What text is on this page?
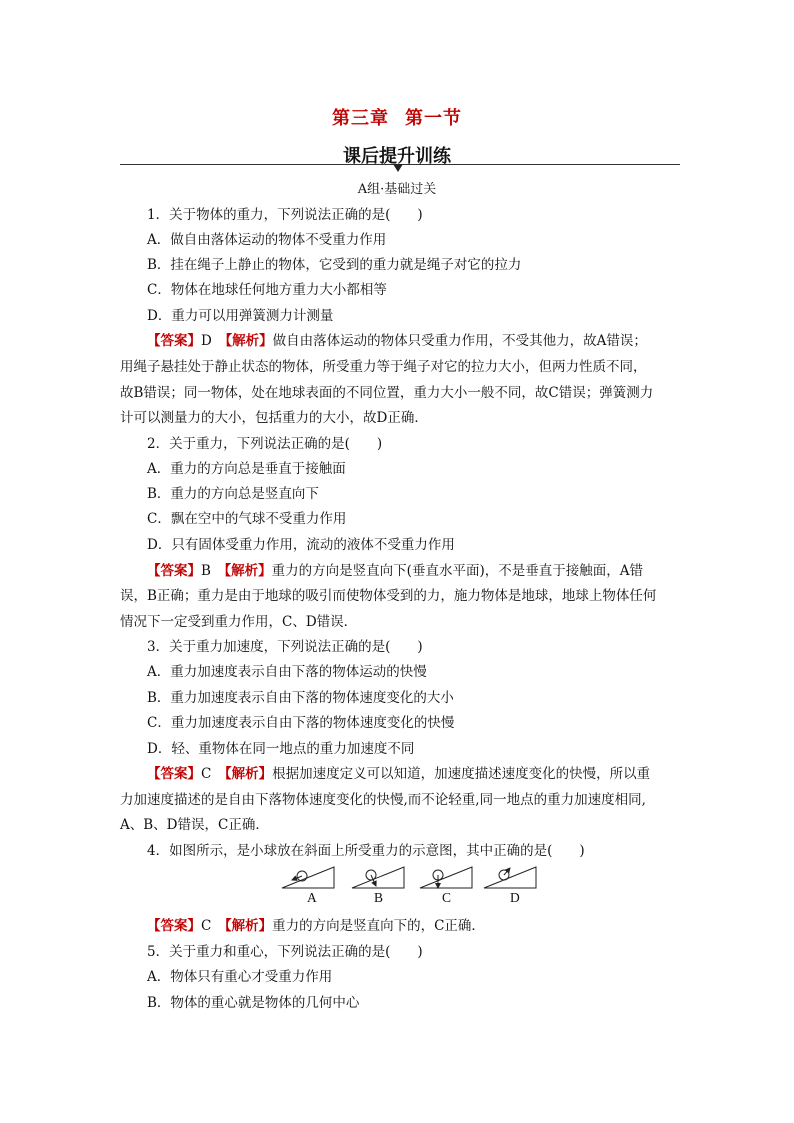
第三章 第一节
课后提升训练
A组·基础过关
1．关于物体的重力，下列说法正确的是(　　)
A．做自由落体运动的物体不受重力作用
B．挂在绳子上静止的物体，它受到的重力就是绳子对它的拉力
C．物体在地球任何地方重力大小都相等
D．重力可以用弹簧测力计测量
【答案】D　 【解析】做自由落体运动的物体只受重力作用，不受其他力，故A错误；
用绳子悬挂处于静止状态的物体，所受重力等于绳子对它的拉力大小，但两力性质不同，
故B错误；同一物体，处在地球表面的不同位置，重力大小一般不同，故C错误；弹簧测力
计可以测量力的大小，包括重力的大小，故D正确．
2．关于重力，下列说法正确的是(　　)
A．重力的方向总是垂直于接触面
B．重力的方向总是竖直向下
C．飘在空中的气球不受重力作用
D．只有固体受重力作用，流动的液体不受重力作用
【答案】B　 【解析】重力的方向是竖直向下(垂直水平面)，不是垂直于接触面，A错
误，B正确；重力是由于地球的吸引而使物体受到的力，施力物体是地球，地球上物体任何
情况下一定受到重力作用，C、D错误．
3．关于重力加速度，下列说法正确的是(　　)
A．重力加速度表示自由下落的物体运动的快慢
B．重力加速度表示自由下落的物体速度变化的大小
C．重力加速度表示自由下落的物体速度变化的快慢
D．轻、重物体在同一地点的重力加速度不同
【答案】C　 【解析】根据加速度定义可以知道，加速度描述速度变化的快慢，所以重
力加速度描述的是自由下落物体速度变化的快慢,而不论轻重,同一地点的重力加速度相同,
A、B、D错误，C正确．
4．如图所示，是小球放在斜面上所受重力的示意图，其中正确的是(　　)
A	B	C	D
【答案】C　 【解析】重力的方向是竖直向下的，C正确．
5．关于重力和重心，下列说法正确的是(　　)
A．物体只有重心才受重力作用
B．物体的重心就是物体的几何中心
